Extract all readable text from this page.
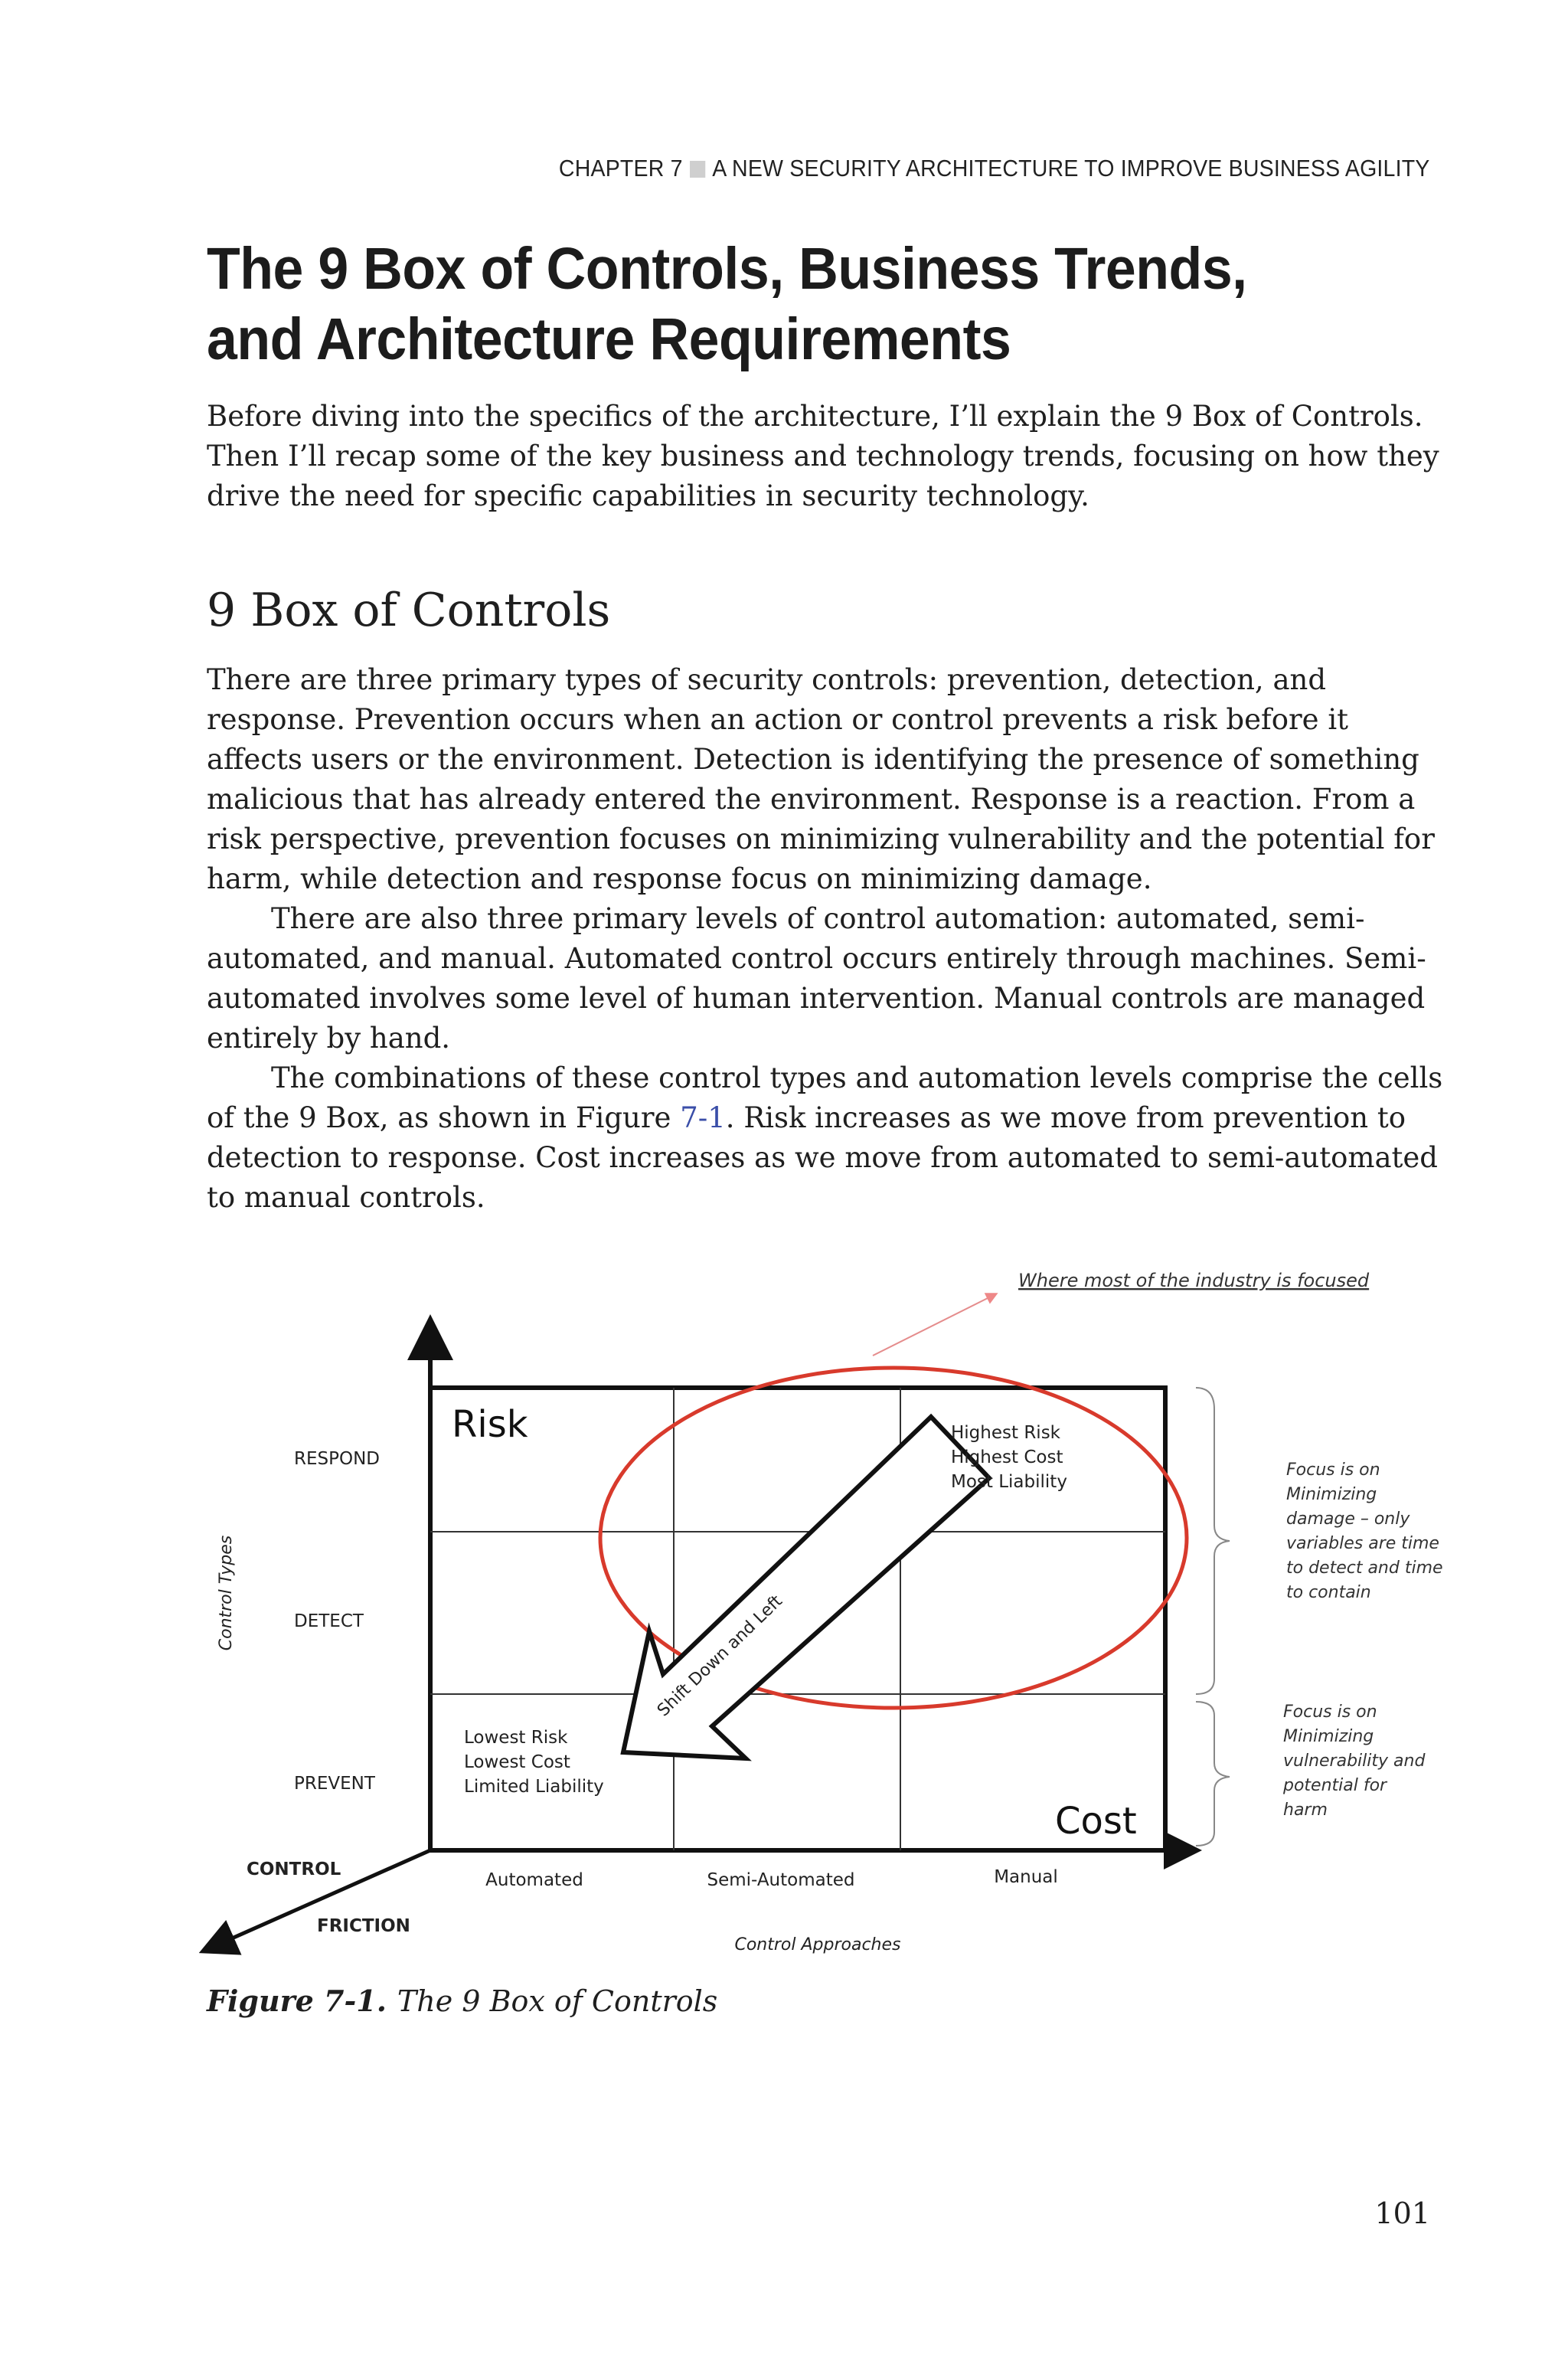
CHAPTER 7 A NEW SECURITY ARCHITECTURE TO IMPROVE BUSINESS AGILITY
The 9 Box of Controls, Business Trends, and Architecture Requirements

Before diving into the specifics of the architecture, I’ll explain the 9 Box of Controls. Then I’ll recap some of the key business and technology trends, focusing on how they drive the need for specific capabilities in security technology.

9 Box of Controls

There are three primary types of security controls: prevention, detection, and response. Prevention occurs when an action or control prevents a risk before it affects users or the environment. Detection is identifying the presence of something malicious that has already entered the environment. Response is a reaction. From a risk perspective, prevention focuses on minimizing vulnerability and the potential for harm, while detection and response focus on minimizing damage.

There are also three primary levels of control automation: automated, semi-automated, and manual. Automated control occurs entirely through machines. Semi-automated involves some level of human intervention. Manual controls are managed entirely by hand.

The combinations of these control types and automation levels comprise the cells of the 9 Box, as shown in Figure 7-1. Risk increases as we move from prevention to detection to response. Cost increases as we move from automated to semi-automated to manual controls.

Where most of the industry is focused
Shift Down and Left
Risk
Cost
Highest Risk
Highest Cost
Most Liability
Lowest Risk
Lowest Cost
Limited Liability
RESPOND
DETECT
PREVENT
Control Types
Automated	Semi-Automated	Manual
Control Approaches
CONTROL
FRICTION
Focus is on
Minimizing
damage – only
variables are time
to detect and time
to contain
Focus is on
Minimizing
vulnerability and
potential for
harm
Figure 7-1. The 9 Box of Controls
101
